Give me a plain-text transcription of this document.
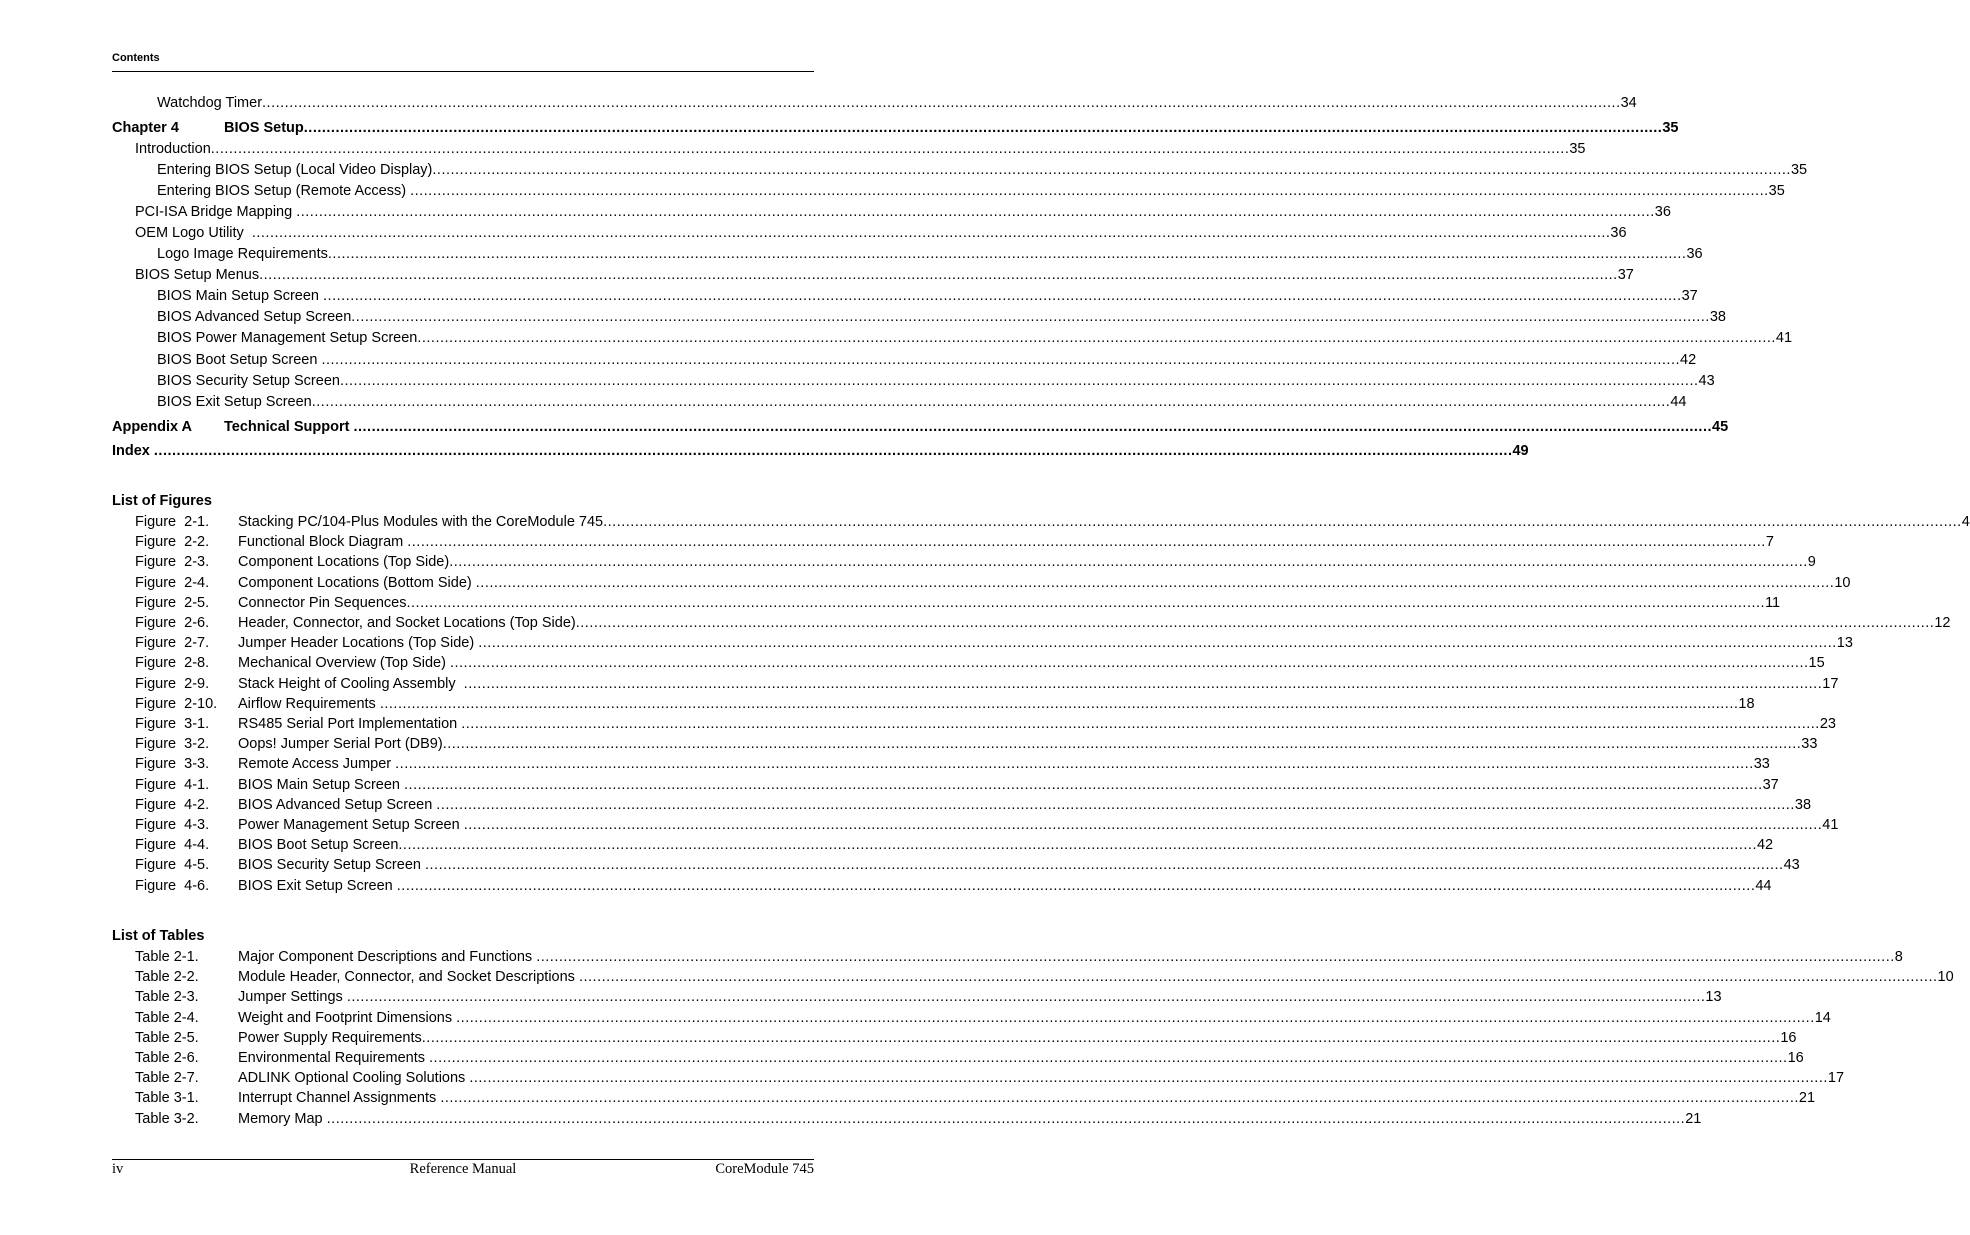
Contents
Watchdog Timer ............................................................................................................................................................................................................................................................................................................ 34
Chapter 4	BIOS Setup ............................................................................................................................................................................................................................................................................................................ 35
Introduction ............................................................................................................................................................................................................................................................................................................ 35
Entering BIOS Setup (Local Video Display) ............................................................................................................................................................................................................................................................................................................ 35
Entering BIOS Setup (Remote Access) ............................................................................................................................................................................................................................................................................................................ 35
PCI-ISA Bridge Mapping ............................................................................................................................................................................................................................................................................................................ 36
OEM Logo Utility ............................................................................................................................................................................................................................................................................................................ 36
Logo Image Requirements ............................................................................................................................................................................................................................................................................................................ 36
BIOS Setup Menus ............................................................................................................................................................................................................................................................................................................ 37
BIOS Main Setup Screen ............................................................................................................................................................................................................................................................................................................ 37
BIOS Advanced Setup Screen ............................................................................................................................................................................................................................................................................................................ 38
BIOS Power Management Setup Screen ............................................................................................................................................................................................................................................................................................................ 41
BIOS Boot Setup Screen ............................................................................................................................................................................................................................................................................................................ 42
BIOS Security Setup Screen ............................................................................................................................................................................................................................................................................................................ 43
BIOS Exit Setup Screen ............................................................................................................................................................................................................................................................................................................ 44
Appendix A Technical Support ............................................................................................................................................................................................................................................................................................................ 45
Index ............................................................................................................................................................................................................................................................................................................ 49
List of Figures
Figure  2-1.	Stacking PC/104-Plus Modules with the CoreModule 745 ............................................................................................................................................................................................................................................................................................................ 4
Figure  2-2.	Functional Block Diagram ............................................................................................................................................................................................................................................................................................................ 7
Figure  2-3.	Component Locations (Top Side) ............................................................................................................................................................................................................................................................................................................ 9
Figure  2-4.	Component Locations (Bottom Side) ............................................................................................................................................................................................................................................................................................................ 10
Figure  2-5.	Connector Pin Sequences ............................................................................................................................................................................................................................................................................................................ 11
Figure  2-6.	Header, Connector, and Socket Locations (Top Side) ............................................................................................................................................................................................................................................................................................................ 12
Figure  2-7.	Jumper Header Locations (Top Side) ............................................................................................................................................................................................................................................................................................................ 13
Figure  2-8.	Mechanical Overview (Top Side) ............................................................................................................................................................................................................................................................................................................ 15
Figure  2-9.	Stack Height of Cooling Assembly ............................................................................................................................................................................................................................................................................................................ 17
Figure  2-10.	Airflow Requirements ............................................................................................................................................................................................................................................................................................................ 18
Figure  3-1.	RS485 Serial Port Implementation ............................................................................................................................................................................................................................................................................................................ 23
Figure  3-2.	Oops! Jumper Serial Port (DB9) ............................................................................................................................................................................................................................................................................................................ 33
Figure  3-3.	Remote Access Jumper ............................................................................................................................................................................................................................................................................................................ 33
Figure  4-1.	BIOS Main Setup Screen ............................................................................................................................................................................................................................................................................................................ 37
Figure  4-2.	BIOS Advanced Setup Screen ............................................................................................................................................................................................................................................................................................................ 38
Figure  4-3.	Power Management Setup Screen ............................................................................................................................................................................................................................................................................................................ 41
Figure  4-4.	BIOS Boot Setup Screen ............................................................................................................................................................................................................................................................................................................ 42
Figure  4-5.	BIOS Security Setup Screen ............................................................................................................................................................................................................................................................................................................ 43
Figure  4-6.	BIOS Exit Setup Screen ............................................................................................................................................................................................................................................................................................................ 44
List of Tables
Table 2-1.	Major Component Descriptions and Functions ............................................................................................................................................................................................................................................................................................................ 8
Table 2-2.	Module Header, Connector, and Socket Descriptions ............................................................................................................................................................................................................................................................................................................ 10
Table 2-3.	Jumper Settings ............................................................................................................................................................................................................................................................................................................ 13
Table 2-4.	Weight and Footprint Dimensions ............................................................................................................................................................................................................................................................................................................ 14
Table 2-5.	Power Supply Requirements ............................................................................................................................................................................................................................................................................................................ 16
Table 2-6.	Environmental Requirements ............................................................................................................................................................................................................................................................................................................ 16
Table 2-7.	ADLINK Optional Cooling Solutions ............................................................................................................................................................................................................................................................................................................ 17
Table 3-1.	Interrupt Channel Assignments ............................................................................................................................................................................................................................................................................................................ 21
Table 3-2.	Memory Map ............................................................................................................................................................................................................................................................................................................ 21
iv	Reference Manual	CoreModule 745
